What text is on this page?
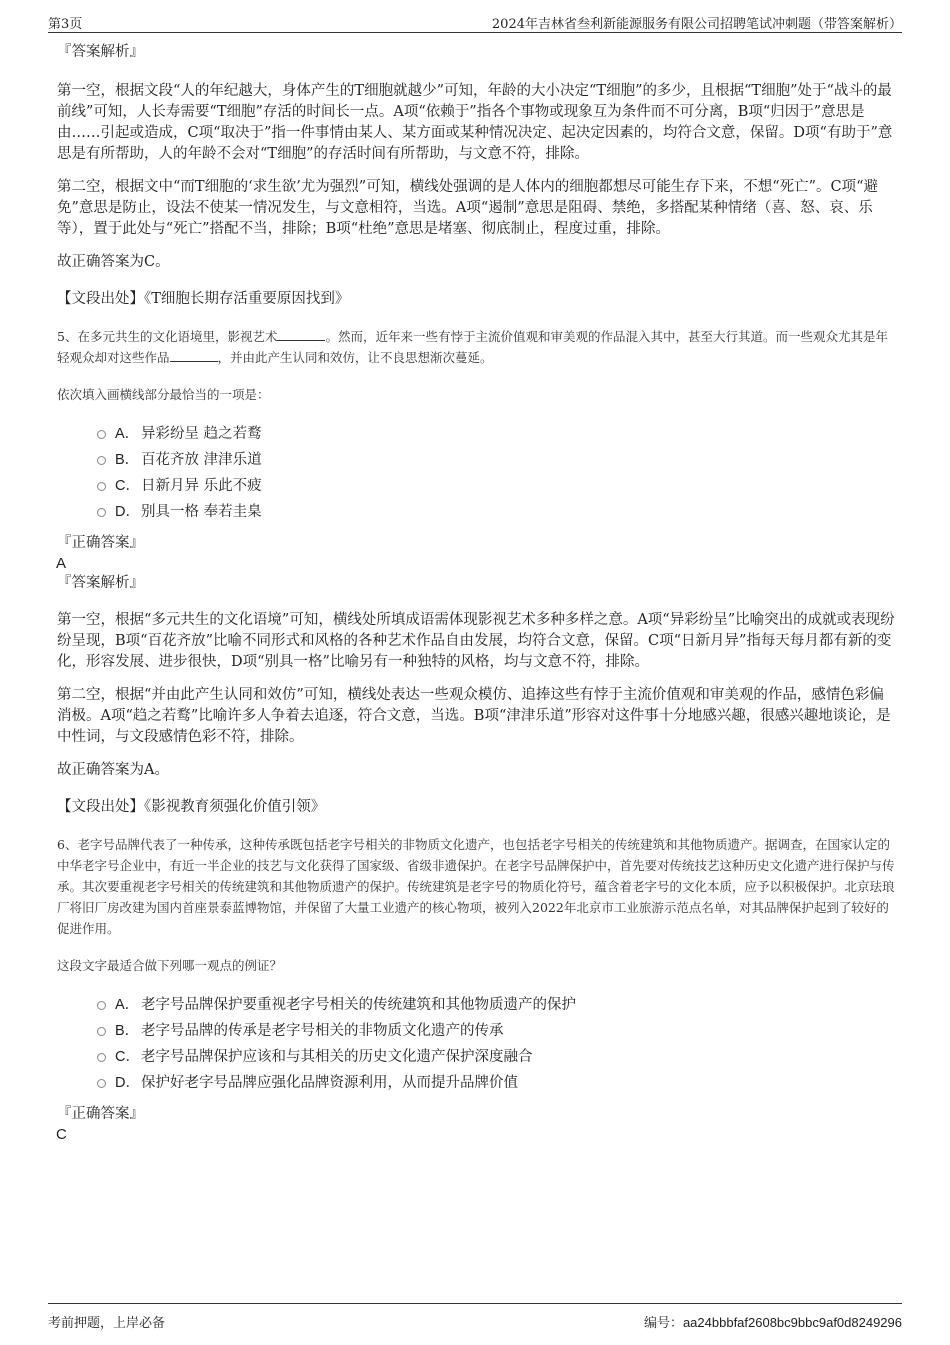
第3页	2024年吉林省叁利新能源服务有限公司招聘笔试冲刺题（带答案解析）

『答案解析』

第一空，根据文段“人的年纪越大，身体产生的T细胞就越少”可知，年龄的大小决定“T细胞”的多少，且根据“T细胞”处于“战斗的最前线”可知，人长寿需要“T细胞”存活的时间长一点。A项“依赖于”指各个事物或现象互为条件而不可分离，B项“归因于”意思是由……引起或造成，C项“取决于”指一件事情由某人、某方面或某种情况决定、起决定因素的，均符合文意，保留。D项“有助于”意思是有所帮助，人的年龄不会对“T细胞”的存活时间有所帮助，与文意不符，排除。

第二空，根据文中“而T细胞的‘求生欲’尤为强烈”可知，横线处强调的是人体内的细胞都想尽可能生存下来，不想“死亡”。C项“避免”意思是防止，设法不使某一情况发生，与文意相符，当选。A项“遏制”意思是阻碍、禁绝，多搭配某种情绪（喜、怒、哀、乐等），置于此处与“死亡”搭配不当，排除；B项“杜绝”意思是堵塞、彻底制止，程度过重，排除。

故正确答案为C。

【文段出处】《T细胞长期存活重要原因找到》

5、在多元共生的文化语境里，影视艺术	。然而，近年来一些有悖于主流价值观和审美观的作品混入其中，甚至大行其道。而一些观众尤其是年轻观众却对这些作品	，并由此产生认同和效仿，让不良思想渐次蔓延。

依次填入画横线部分最恰当的一项是：

A． 异彩纷呈 趋之若鹜
B． 百花齐放 津津乐道
C． 日新月异 乐此不疲
D． 别具一格 奉若圭臬

『正确答案』

A

『答案解析』

第一空，根据“多元共生的文化语境”可知，横线处所填成语需体现影视艺术多种多样之意。A项“异彩纷呈”比喻突出的成就或表现纷纷呈现，B项“百花齐放”比喻不同形式和风格的各种艺术作品自由发展，均符合文意，保留。C项“日新月异”指每天每月都有新的变化，形容发展、进步很快，D项“别具一格”比喻另有一种独特的风格，均与文意不符，排除。

第二空，根据“并由此产生认同和效仿”可知，横线处表达一些观众模仿、追捧这些有悖于主流价值观和审美观的作品，感情色彩偏消极。A项“趋之若鹜”比喻许多人争着去追逐，符合文意，当选。B项“津津乐道”形容对这件事十分地感兴趣，很感兴趣地谈论，是中性词，与文段感情色彩不符，排除。

故正确答案为A。

【文段出处】《影视教育须强化价值引领》

6、老字号品牌代表了一种传承，这种传承既包括老字号相关的非物质文化遗产，也包括老字号相关的传统建筑和其他物质遗产。据调查，在国家认定的中华老字号企业中，有近一半企业的技艺与文化获得了国家级、省级非遗保护。在老字号品牌保护中，首先要对传统技艺这种历史文化遗产进行保护与传承。其次要重视老字号相关的传统建筑和其他物质遗产的保护。传统建筑是老字号的物质化符号，蕴含着老字号的文化本质，应予以积极保护。北京珐琅厂将旧厂房改建为国内首座景泰蓝博物馆，并保留了大量工业遗产的核心物项，被列入2022年北京市工业旅游示范点名单，对其品牌保护起到了较好的促进作用。

这段文字最适合做下列哪一观点的例证？

A． 老字号品牌保护要重视老字号相关的传统建筑和其他物质遗产的保护
B． 老字号品牌的传承是老字号相关的非物质文化遗产的传承
C． 老字号品牌保护应该和与其相关的历史文化遗产保护深度融合
D． 保护好老字号品牌应强化品牌资源利用，从而提升品牌价值

『正确答案』

C

考前押题，上岸必备	编号：aa24bbbfaf2608bc9bbc9af0d8249296
